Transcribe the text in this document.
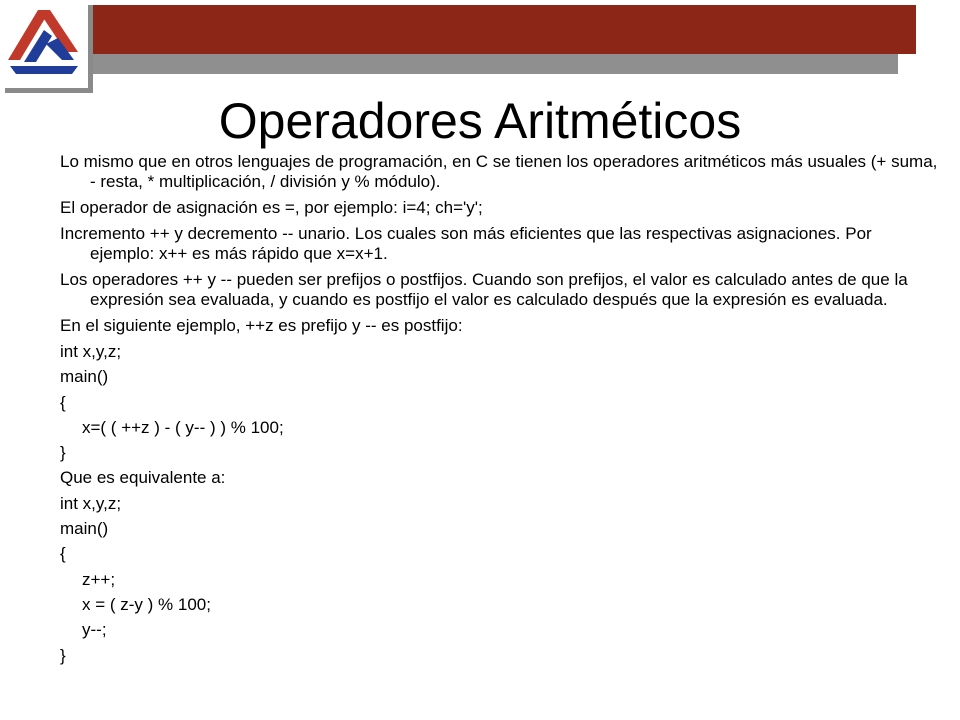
Operadores Aritméticos

Lo mismo que en otros lenguajes de programación, en C se tienen los operadores aritméticos más usuales (+ suma, - resta, * multiplicación, / división y % módulo).

El operador de asignación es =, por ejemplo: i=4; ch='y';

Incremento ++ y decremento -- unario. Los cuales son más eficientes que las respectivas asignaciones. Por ejemplo: x++ es más rápido que x=x+1.

Los operadores ++ y -- pueden ser prefijos o postfijos. Cuando son prefijos, el valor es calculado antes de que la expresión sea evaluada, y cuando es postfijo el valor es calculado después que la expresión es evaluada.

En el siguiente ejemplo, ++z es prefijo y -- es postfijo:

int x,y,z;
main()
{
x=( ( ++z ) - ( y-- ) ) % 100;
}
Que es equivalente a:
int x,y,z;
main()
{
z++;
x = ( z-y ) % 100;
y--;
}
